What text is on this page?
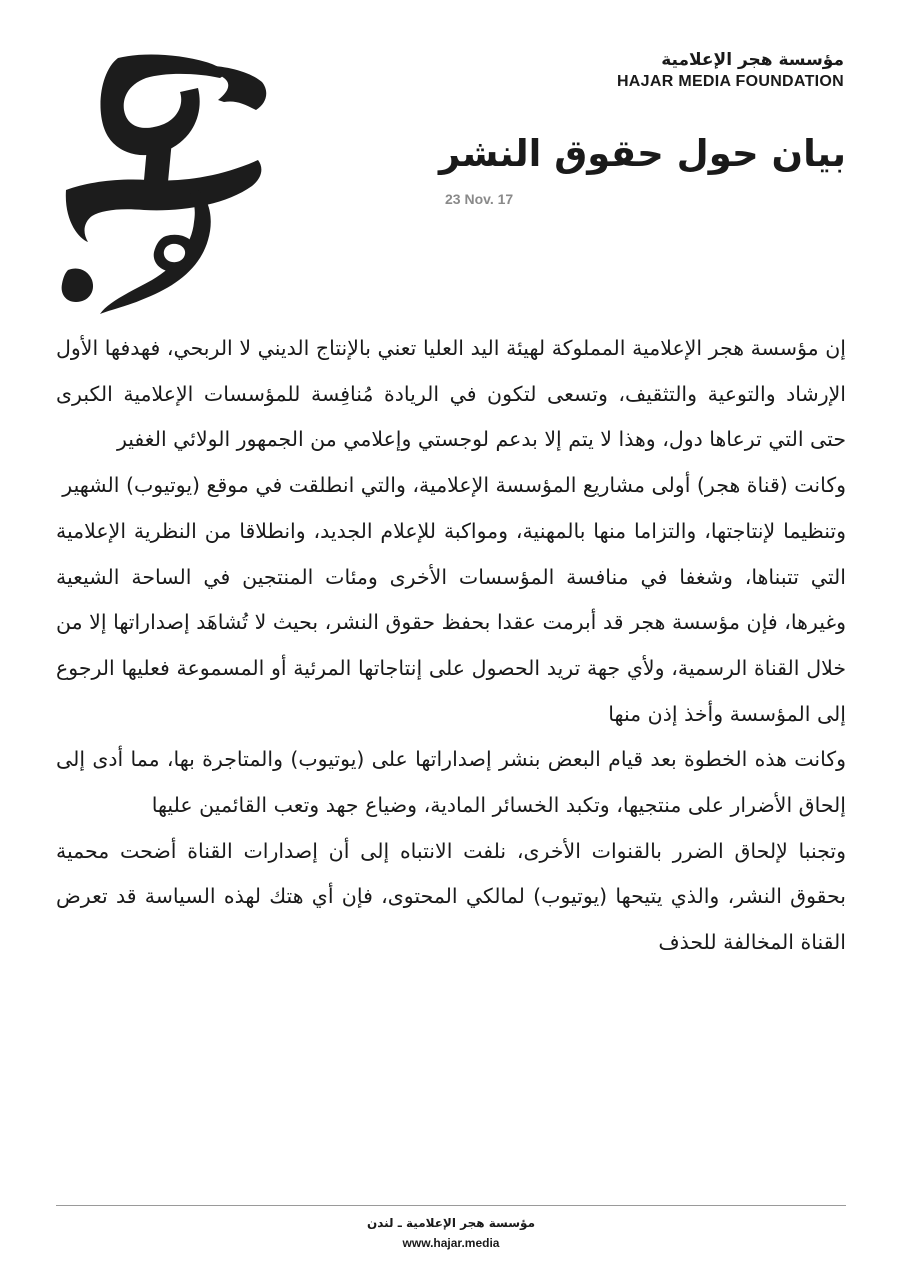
مؤسسة هجر الإعلامية
HAJAR MEDIA FOUNDATION
بيان حول حقوق النشر
23 Nov. 17

إن مؤسسة هجر الإعلامية المملوكة لهيئة اليد العليا تعني بالإنتاج الديني لا الربحي، فهدفها الأول الإرشاد والتوعية والتثقيف، وتسعى لتكون في الريادة مُنافِسة للمؤسسات الإعلامية الكبرى حتى التي ترعاها دول، وهذا لا يتم إلا بدعم لوجستي وإعلامي من الجمهور الولائي الغفير

وكانت (قناة هجر) أولى مشاريع المؤسسة الإعلامية، والتي انطلقت في موقع (يوتيوب) الشهير

وتنظيما لإنتاجتها، والتزاما منها بالمهنية، ومواكبة للإعلام الجديد، وانطلاقا من النظرية الإعلامية التي تتبناها، وشغفا في منافسة المؤسسات الأخرى ومئات المنتجين في الساحة الشيعية وغيرها، فإن مؤسسة هجر قد أبرمت عقدا بحفظ حقوق النشر، بحيث لا تُشاهَد إصداراتها إلا من خلال القناة الرسمية، ولأي جهة تريد الحصول على إنتاجاتها المرئية أو المسموعة فعليها الرجوع إلى المؤسسة وأخذ إذن منها

وكانت هذه الخطوة بعد قيام البعض بنشر إصداراتها على (يوتيوب) والمتاجرة بها، مما أدى إلى إلحاق الأضرار على منتجيها، وتكبد الخسائر المادية، وضياع جهد وتعب القائمين عليها

وتجنبا لإلحاق الضرر بالقنوات الأخرى، نلفت الانتباه إلى أن إصدارات القناة أضحت محمية بحقوق النشر، والذي يتيحها (يوتيوب) لمالكي المحتوى، فإن أي هتك لهذه السياسة قد تعرض القناة المخالفة للحذف

مؤسسة هجر الإعلامية ـ لندن
www.hajar.media
